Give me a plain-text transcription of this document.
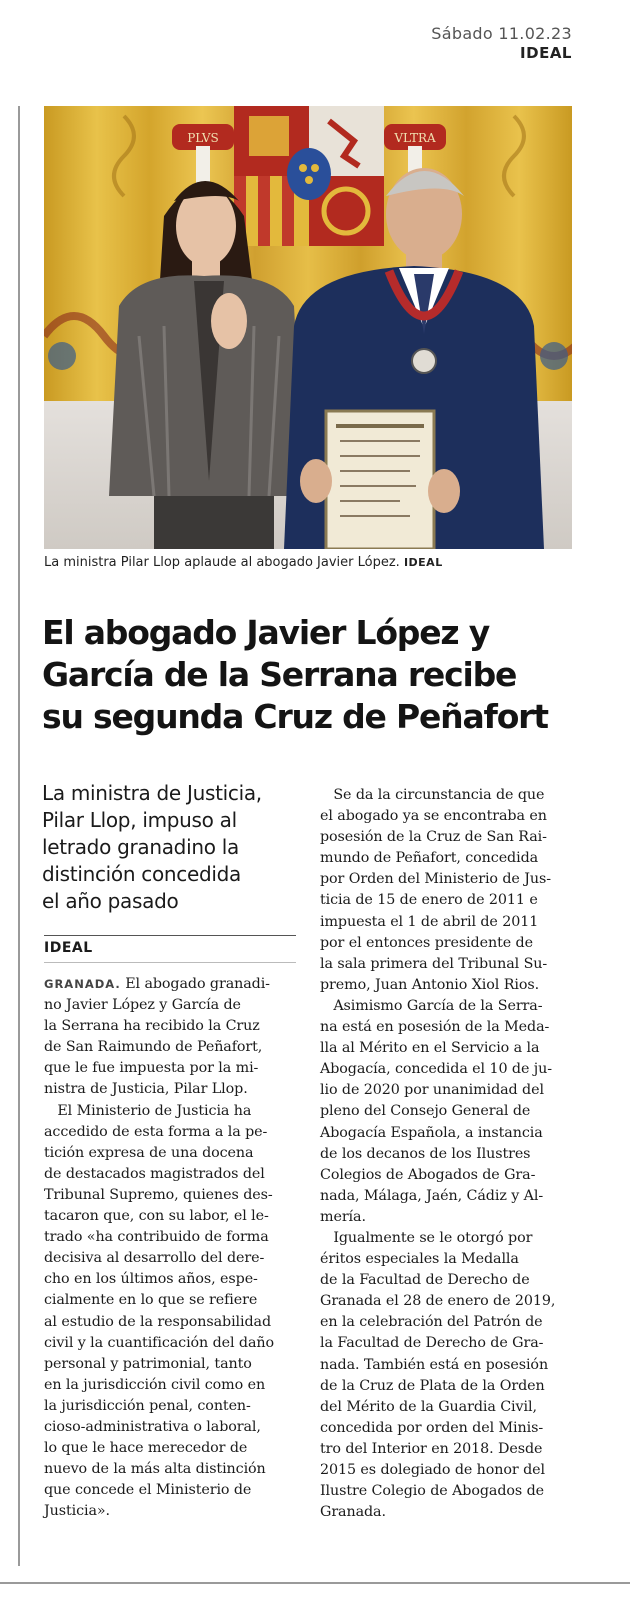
Sábado 11.02.23
IDEAL
PLVS	VLTRA
La ministra Pilar Llop aplaude al abogado Javier López. IDEAL
El abogado Javier López y
García de la Serrana recibe
su segunda Cruz de Peñafort
La ministra de Justicia,
Pilar Llop, impuso al
letrado granadino la
distinción concedida
el año pasado
IDEAL
GRANADA. El abogado granadi-
no Javier López y García de
la Serrana ha recibido la Cruz
de San Raimundo de Peñafort,
que le fue impuesta por la mi-
nistra de Justicia, Pilar Llop.
El Ministerio de Justicia ha
accedido de esta forma a la pe-
tición expresa de una docena
de destacados magistrados del
Tribunal Supremo, quienes des-
tacaron que, con su labor, el le-
trado «ha contribuido de forma
decisiva al desarrollo del dere-
cho en los últimos años, espe-
cialmente en lo que se refiere
al estudio de la responsabilidad
civil y la cuantificación del daño
personal y patrimonial, tanto
en la jurisdicción civil como en
la jurisdicción penal, conten-
cioso-administrativa o laboral,
lo que le hace merecedor de
nuevo de la más alta distinción
que concede el Ministerio de
Justicia».
Se da la circunstancia de que
el abogado ya se encontraba en
posesión de la Cruz de San Rai-
mundo de Peñafort, concedida
por Orden del Ministerio de Jus-
ticia de 15 de enero de 2011 e
impuesta el 1 de abril de 2011
por el entonces presidente de
la sala primera del Tribunal Su-
premo, Juan Antonio Xiol Rios.
Asimismo García de la Serra-
na está en posesión de la Meda-
lla al Mérito en el Servicio a la
Abogacía, concedida el 10 de ju-
lio de 2020 por unanimidad del
pleno del Consejo General de
Abogacía Española, a instancia
de los decanos de los Ilustres
Colegios de Abogados de Gra-
nada, Málaga, Jaén, Cádiz y Al-
mería.
Igualmente se le otorgó por
éritos especiales la Medalla
de la Facultad de Derecho de
Granada el 28 de enero de 2019,
en la celebración del Patrón de
la Facultad de Derecho de Gra-
nada. También está en posesión
de la Cruz de Plata de la Orden
del Mérito de la Guardia Civil,
concedida por orden del Minis-
tro del Interior en 2018. Desde
2015 es dolegiado de honor del
Ilustre Colegio de Abogados de
Granada.
